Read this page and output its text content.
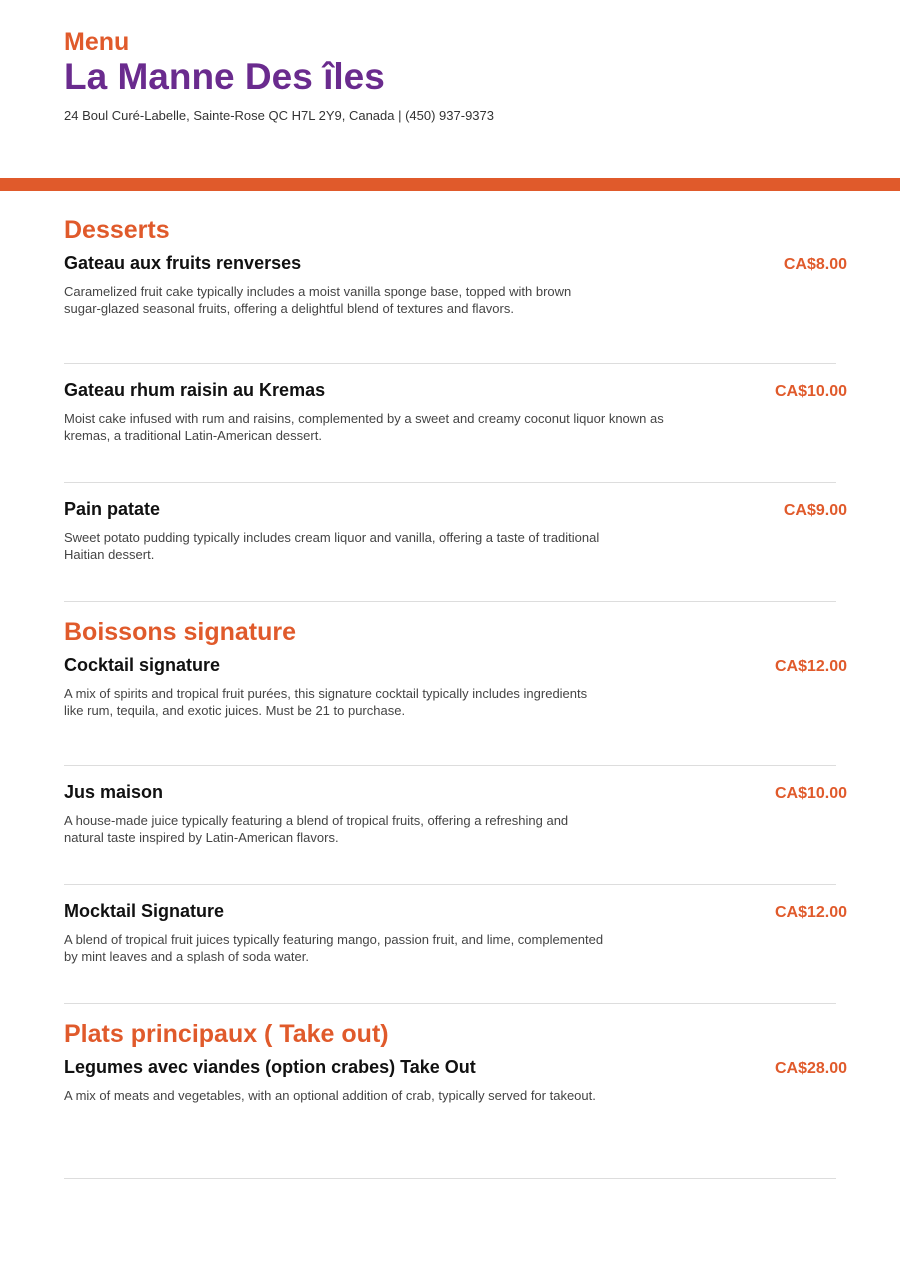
Menu
La Manne Des îles
24 Boul Curé-Labelle, Sainte-Rose QC H7L 2Y9, Canada | (450) 937-9373
Desserts
Gateau aux fruits renverses	CA$8.00
Caramelized fruit cake typically includes a moist vanilla sponge base, topped with brown
sugar-glazed seasonal fruits, offering a delightful blend of textures and flavors.
Gateau rhum raisin au Kremas	CA$10.00
Moist cake infused with rum and raisins, complemented by a sweet and creamy coconut liquor known as
kremas, a traditional Latin-American dessert.
Pain patate	CA$9.00
Sweet potato pudding typically includes cream liquor and vanilla, offering a taste of traditional
Haitian dessert.
Boissons signature
Cocktail signature	CA$12.00
A mix of spirits and tropical fruit purées, this signature cocktail typically includes ingredients
like rum, tequila, and exotic juices. Must be 21 to purchase.
Jus maison	CA$10.00
A house-made juice typically featuring a blend of tropical fruits, offering a refreshing and
natural taste inspired by Latin-American flavors.
Mocktail Signature	CA$12.00
A blend of tropical fruit juices typically featuring mango, passion fruit, and lime, complemented
by mint leaves and a splash of soda water.
Plats principaux ( Take out)
Legumes avec viandes (option crabes) Take Out	CA$28.00
A mix of meats and vegetables, with an optional addition of crab, typically served for takeout.
